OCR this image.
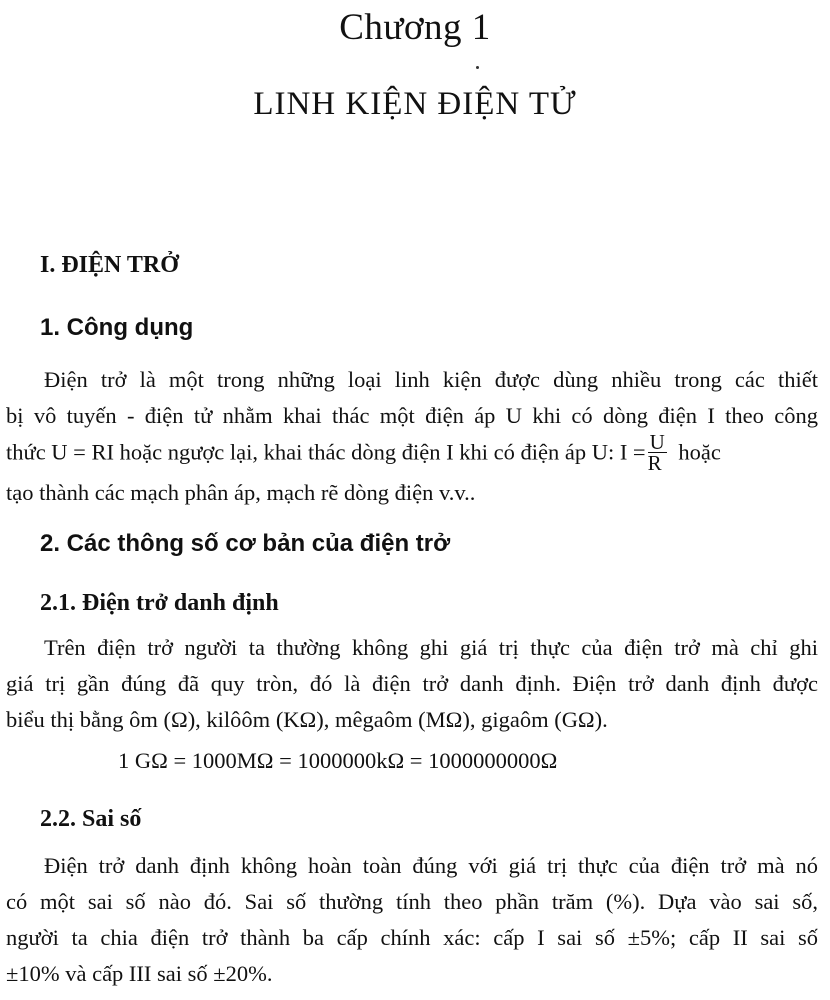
Chương 1
LINH KIỆN ĐIỆN TỬ
I. ĐIỆN TRỞ
1. Công dụng
Điện trở là một trong những loại linh kiện được dùng nhiều trong các thiết
bị vô tuyến - điện tử nhằm khai thác một điện áp U khi có dòng điện I theo công
thức U = RI hoặc ngược lại, khai thác dòng điện I khi có điện áp U: $I = \frac{U}{R}$ hoặc
tạo thành các mạch phân áp, mạch rẽ dòng điện v.v..
2. Các thông số cơ bản của điện trở
2.1. Điện trở danh định
Trên điện trở người ta thường không ghi giá trị thực của điện trở mà chỉ ghi
giá trị gần đúng đã quy tròn, đó là điện trở danh định. Điện trở danh định được
biểu thị bằng ôm (Ω), kilôôm (KΩ), mêgaôm (MΩ), gigaôm (GΩ).
1 GΩ = 1000MΩ = 1000000kΩ = 1000000000Ω
2.2. Sai số
Điện trở danh định không hoàn toàn đúng với giá trị thực của điện trở mà nó
có một sai số nào đó. Sai số thường tính theo phần trăm (%). Dựa vào sai số,
người ta chia điện trở thành ba cấp chính xác: cấp I sai số ±5%; cấp II sai số
±10% và cấp III sai số ±20%.
